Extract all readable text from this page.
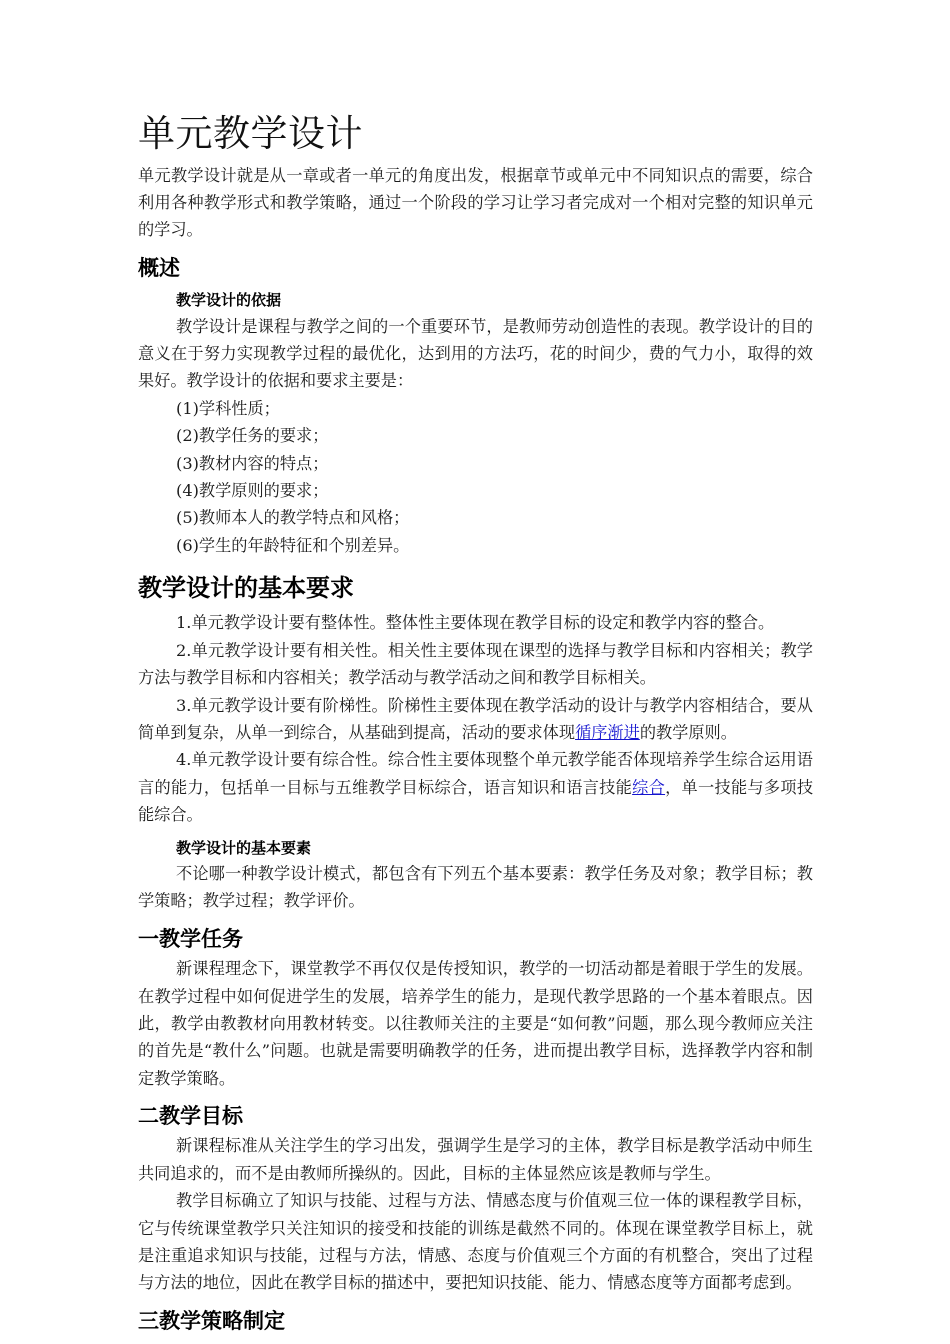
单元教学设计

单元教学设计就是从一章或者一单元的角度出发，根据章节或单元中不同知识点的需要，综合利用各种教学形式和教学策略，通过一个阶段的学习让学习者完成对一个相对完整的知识单元的学习。

概述
教学设计的依据

教学设计是课程与教学之间的一个重要环节，是教师劳动创造性的表现。教学设计的目的意义在于努力实现教学过程的最优化，达到用的方法巧，花的时间少，费的气力小，取得的效果好。教学设计的依据和要求主要是：

(1)学科性质；

(2)教学任务的要求；

(3)教材内容的特点；

(4)教学原则的要求；

(5)教师本人的教学特点和风格；

(6)学生的年龄特征和个别差异。

教学设计的基本要求

1.单元教学设计要有整体性。整体性主要体现在教学目标的设定和教学内容的整合。

2.单元教学设计要有相关性。相关性主要体现在课型的选择与教学目标和内容相关；教学方法与教学目标和内容相关；教学活动与教学活动之间和教学目标相关。

3.单元教学设计要有阶梯性。阶梯性主要体现在教学活动的设计与教学内容相结合，要从简单到复杂，从单一到综合，从基础到提高，活动的要求体现循序渐进的教学原则。

4.单元教学设计要有综合性。综合性主要体现整个单元教学能否体现培养学生综合运用语言的能力，包括单一目标与五维教学目标综合，语言知识和语言技能综合，单一技能与多项技能综合。

教学设计的基本要素

不论哪一种教学设计模式，都包含有下列五个基本要素：教学任务及对象；教学目标；教学策略；教学过程；教学评价。

一教学任务

新课程理念下，课堂教学不再仅仅是传授知识，教学的一切活动都是着眼于学生的发展。在教学过程中如何促进学生的发展，培养学生的能力，是现代教学思路的一个基本着眼点。因此，教学由教教材向用教材转变。以往教师关注的主要是“如何教”问题，那么现今教师应关注的首先是“教什么”问题。也就是需要明确教学的任务，进而提出教学目标，选择教学内容和制定教学策略。

二教学目标

新课程标准从关注学生的学习出发，强调学生是学习的主体，教学目标是教学活动中师生共同追求的，而不是由教师所操纵的。因此，目标的主体显然应该是教师与学生。

教学目标确立了知识与技能、过程与方法、情感态度与价值观三位一体的课程教学目标，它与传统课堂教学只关注知识的接受和技能的训练是截然不同的。体现在课堂教学目标上，就是注重追求知识与技能，过程与方法，情感、态度与价值观三个方面的有机整合，突出了过程与方法的地位，因此在教学目标的描述中，要把知识技能、能力、情感态度等方面都考虑到。

三教学策略制定
